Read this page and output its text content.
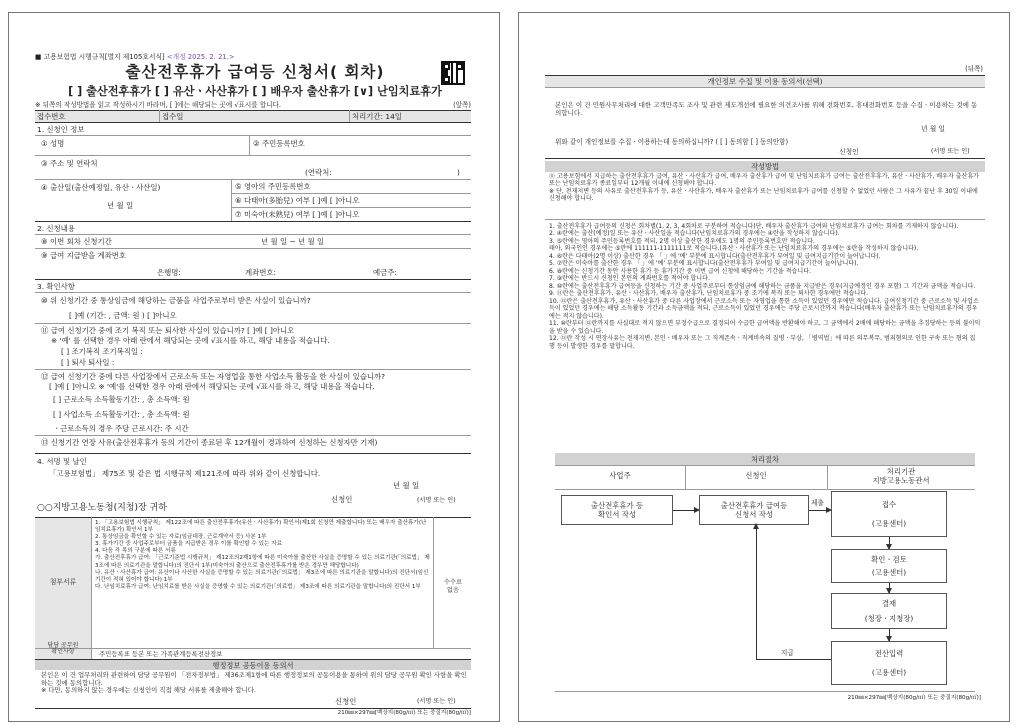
■ 고용보험법 시행규칙[별지 제105호서식] <개정 2025. 2. 21.>
출산전후휴가 급여등 신청서( 회차)
[ ] 출산전후휴가 [ ] 유산ㆍ사산휴가 [ ] 배우자 출산휴가 [∨] 난임치료휴가
※ 뒤쪽의 작성방법을 읽고 작성하시기 바라며, [ ]에는 해당되는 곳에 √표시를 합니다.	(앞쪽)
접수번호	접수일	처리기간: 14일
1. 신청인 정보
① 성명	② 주민등록번호
③ 주소 및 연락처
(연락처:	)
④ 출산일(출산예정일, 유산ㆍ사산일)
년 월 일
⑤ 영아의 주민등록번호
⑥ 다태아(多胎兒) 여부 [ ]예 [ ]아니오
⑦ 미숙아(未熟兒) 여부 [ ]예 [ ]아니오
2. 신청내용
⑧ 이번 회차 신청기간	년 월 일 ~ 년 월 일
⑨ 급여 지급받을 계좌번호
은행명:	계좌번호:	예금주:
3. 확인사항
⑩ 위 신청기간 중 통상임금에 해당하는 금품을 사업주로부터 받은 사실이 있습니까?
[ ]예 (기간: , 금액: 원 ) [ ]아니오
⑪ 급여 신청기간 중에 조기 복직 또는 퇴사한 사실이 있습니까? [ ]예 [ ]아니오
※ '예' 를 선택한 경우 아래 란에서 해당되는 곳에 √표시를 하고, 해당 내용을 적습니다.
[ ] 조기복직 조기복직일 :
[ ] 퇴사 퇴사일 :
⑫ 급여 신청기간 중에 다른 사업장에서 근로소득 또는 자영업을 통한 사업소득 활동을 한 사실이 있습니까?
[ ]예 [ ]아니오 ※ '예'를 선택한 경우 아래 란에서 해당되는 곳에 √표시를 하고, 해당 내용을 적습니다.
[ ] 근로소득 소득활동기간: , 총 소득액: 원
[ ] 사업소득 소득활동기간: , 총 소득액: 원
ㆍ근로소득의 경우 주당 근로시간: 주 시간
⑬ 신청기간 연장 사유(출산전후휴가 등의 기간이 종료된 후 12개월이 경과하여 신청하는 신청자만 기재)
4. 서명 및 날인
「고용보험법」 제75조 및 같은 법 시행규칙 제121조에 따라 위와 같이 신청합니다.
년 월 일
신청인	(서명 또는 인)
○○지방고용노동청(지청)장 귀하
첨부서류
1. 「고용보험법 시행규칙」 제122조에 따른 출산전후휴가(유산ㆍ사산휴가) 확인서(제1회 신청만 제출합니다) 또는 배우자 출산휴가(난임치료휴가) 확인서 1부
2. 통상임금을 확인할 수 있는 자료(임금대장, 근로계약서 등) 사본 1부
3. 휴가기간 중 사업주로부터 금품을 지급받은 경우 이를 확인할 수 있는 자료
4. 다음 각 목의 구분에 따른 서류
가. 출산전후휴가 급여: 「근로기준법 시행규칙」 제12조의2제1항에 따른 미숙아를 출산한 사실을 증명할 수 있는 의료기관(「의료법」 제3조에 따른 의료기관을 말합니다)의 진단서 1부(미숙아의 출산으로 출산전후휴가를 받은 경우만 해당합니다)
나. 유산ㆍ사산휴가 급여: 유산이나 사산한 사실을 증명할 수 있는 의료기관(「의료법」 제3조에 따른 의료기관을 말합니다)의 진단서(임신기간이 적혀 있어야 합니다) 1부
다. 난임치료휴가 급여: 난임치료를 받은 사실을 증명할 수 있는 의료기관(「의료법」 제3조에 따른 의료기관을 말합니다)의 진단서 1부
수수료
없음
담당 공무원
확인사항	주민등록표 등본 또는 가족관계등록전산정보
행정정보 공동이용 동의서
본인은 이 건 업무처리와 관련하여 담당 공무원이 「전자정부법」 제36조제1항에 따른 행정정보의 공동이용을 통하여 위의 담당 공무원 확인 사항을 확인하는 것에 동의합니다.
※ 다만, 동의하지 않는 경우에는 신청인이 직접 해당 서류를 제출해야 합니다.
신청인	(서명 또는 인)
210㎜×297㎜[백상지(80g/㎡) 또는 중질지(80g/㎡)]
(뒤쪽)
개인정보 수집 및 이용 동의서(선택)
본인은 이 건 민원사무처리에 대한 고객만족도 조사 및 관련 제도개선에 필요한 의견조사를 위해 전화번호, 휴대전화번호 등을 수집ㆍ이용하는 것에 동의합니다.
년 월 일
위와 같이 개인정보를 수집ㆍ이용하는데 동의하십니까? ( [ ] 동의함 [ ] 동의안함)
신청인	(서명 또는 인)
작성방법
⓪ 고용보험에서 지급하는 출산전후휴가 급여, 유산ㆍ사산휴가 급여, 배우자 출산휴가 급여 및 난임치료휴가 급여는 출산전후휴가, 유산ㆍ사산휴가, 배우자 출산휴가 또는 난임치료휴가 종료일부터 12개월 이내에 신청해야 합니다.
※ 단, 천재지변 등의 사유로 출산전후휴가 등, 유산ㆍ사산휴가, 배우자 출산휴가 또는 난임치료휴가 급여를 신청할 수 없었던 사람은 그 사유가 끝난 후 30일 이내에 신청해야 합니다.
1. 출산전후휴가 급여등의 신청은 회차별(1, 2, 3, 4회차로 구분하여 적습니다)단, 배우자 출산휴가 급여와 난임치료휴가 급여는 회차를 기재하지 않습니다).
2. ④란에는 출산(예정)일 또는 유산ㆍ사산일을 적습니다(난임치료휴가의 경우에는 ④란을 작성하지 않습니다).
3. ⑤란에는 영아의 주민등록번호를 적되, 2명 이상 출산한 경우에도 1명의 주민등록번호만 적습니다.
태아, 외국인인 경우에는 ⑤란에 111111-1111111로 적습니다.(유산ㆍ사산휴가 또는 난임치료휴가의 경우에는 ⑤란을 작성하지 않습니다).
4. ⑥란은 다태아(2명 이상) 출산한 경우 「 」에 '예' 부분에 표시합니다(출산전후휴가 부여일 및 급여지급기간이 늘어납니다).
5. ⑦란은 미숙아를 출산한 경우 「 」에 '예' 부분에 표시합니다(출산전후휴가 부여일 및 급여지급기간이 늘어납니다).
6. ⑧란에는 신청기간 동안 사용한 휴가 등 휴가기간 중 이번 급여 신청에 해당하는 기간을 적습니다.
7. ⑨란에는 반드시 신청인 본인의 계좌번호를 적어야 합니다.
8. ⑩란에는 출산전후휴가 급여등을 신청하는 기간 중 사업주로부터 통상임금에 해당하는 금품을 지급받은 경우(지급예정인 경우 포함) 그 기간과 금액을 적습니다.
9. ⑪란은 출산전후휴가, 유산ㆍ사산휴가, 배우자 출산휴가, 난임치료휴가 중 조기에 복직 또는 퇴사한 경우에만 적습니다.
10. ⑫란은 출산전후휴가, 유산ㆍ사산휴가 중 다른 사업장에서 근로소득 또는 자영업을 통한 소득이 있었던 경우에만 적습니다. 급여신청기간 중 근로소득 및 사업소득이 있었던 경우에는 해당 소득활동 기간과 소득금액을 적되, 근로소득이 있었던 경우에는 주당 근로시간까지 적습니다(배우자 출산휴가 또는 난임치료휴가의 경우에는 적지 않습니다).
11. ⑩란부터 ⑫란까지를 사실대로 적지 않으면 부정수급으로 결정되어 수급한 급여액을 반환해야 하고, 그 금액에서 2배에 해당하는 금액을 추징당하는 등의 불이익을 받을 수 있습니다.
12. ⑬란 작성 시 연장사유는 천재지변, 본인ㆍ배우자 또는 그 직계존속ㆍ직계비속의 질병ㆍ부상, 「병역법」에 따른 의무복무, 범죄혐의로 인한 구속 또는 형의 집행 등이 발생한 경우를 말합니다.
처리절차
사업주	신청인	처리기관
지방고용노동관서
출산전후휴가 등
확인서 작성
출산전후휴가 급여등
신청서 작성
제출	접수
(고용센터)
확인ㆍ검토
(고용센터)
결재
(청장ㆍ지청장)
전산입력
(고용센터)
지급
210㎜×297㎜[백상지(80g/㎡) 또는 중질지(80g/㎡)]
